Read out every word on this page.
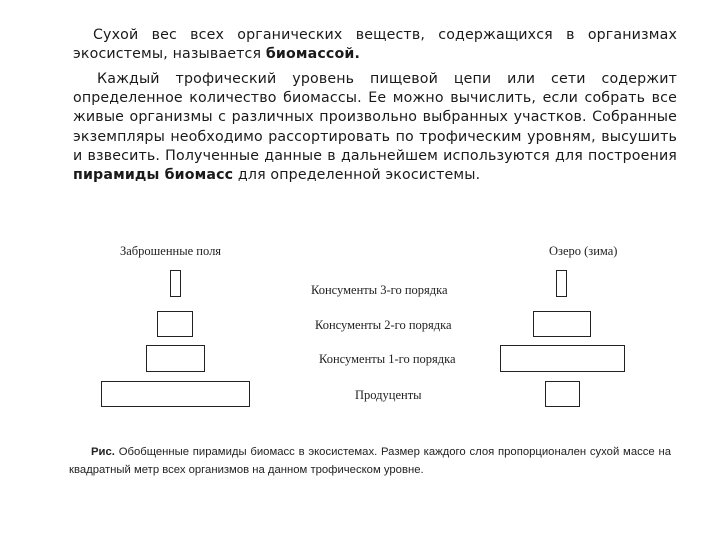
Сухой вес всех органических веществ, содержащихся в организмах экосистемы, называется биомассой.
Каждый трофический уровень пищевой цепи или сети содержит определенное количество биомассы. Ее можно вычислить, если собрать все живые организмы с различных произвольно выбранных участков. Собранные экземпляры необходимо рассортировать по трофическим уровням, высушить и взвесить. Полученные данные в дальнейшем используются для построения пирамиды биомасс для определенной экосистемы.
Заброшенные поля	Озеро (зима)
Консументы 3-го порядка
Консументы 2-го порядка
Консументы 1-го порядка
Продуценты
Рис. Обобщенные пирамиды биомасс в экосистемах. Размер каждого слоя пропорционален сухой массе на квадратный метр всех организмов на данном трофическом уровне.
